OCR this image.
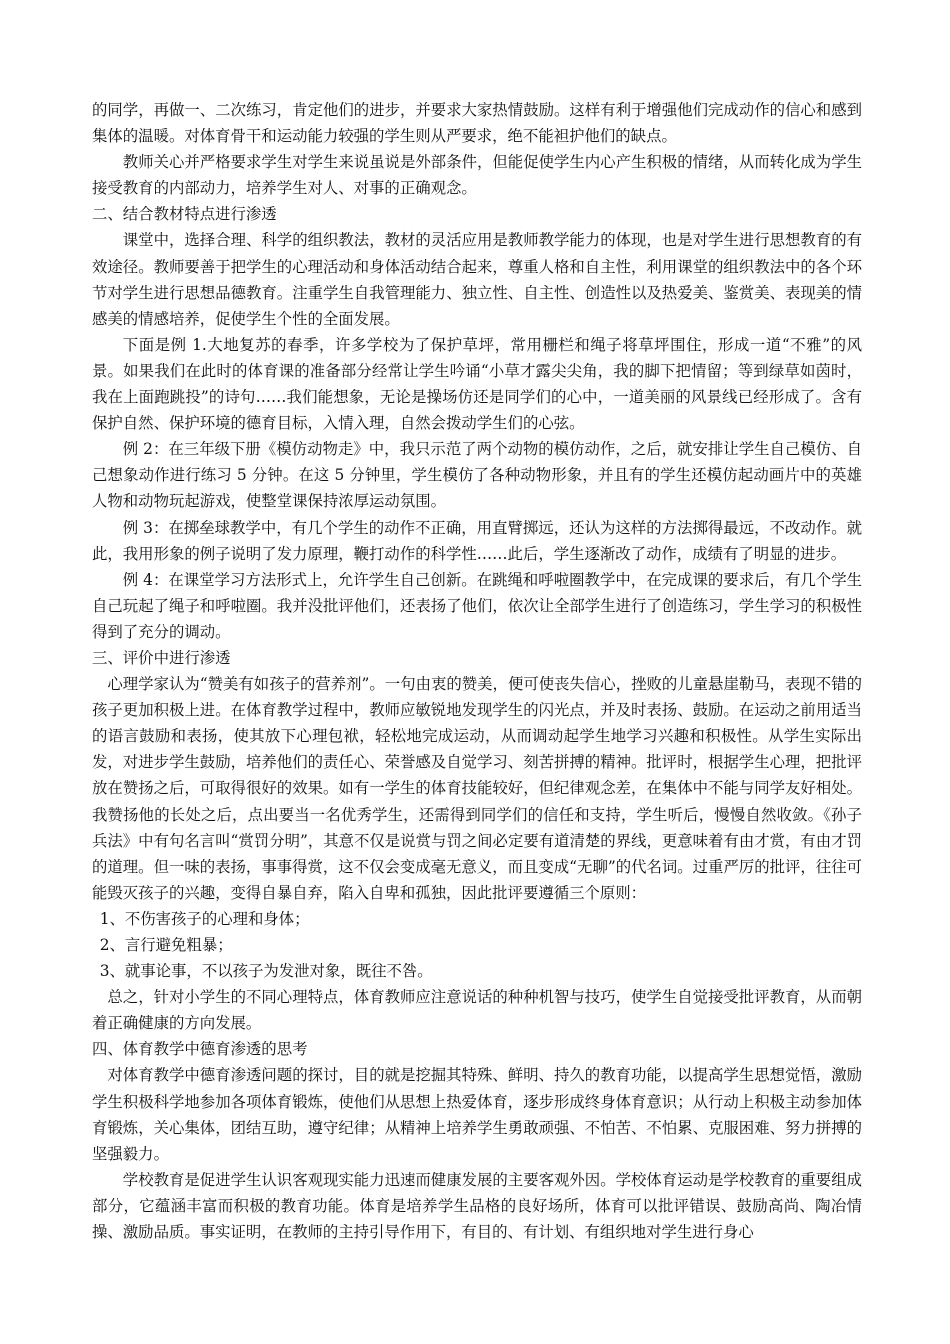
的同学，再做一、二次练习，肯定他们的进步，并要求大家热情鼓励。这样有利于增强他们完成动作的信心和感到集体的温暖。对体育骨干和运动能力较强的学生则从严要求，绝不能袒护他们的缺点。

教师关心并严格要求学生对学生来说虽说是外部条件，但能促使学生内心产生积极的情绪，从而转化成为学生接受教育的内部动力，培养学生对人、对事的正确观念。

二、结合教材特点进行渗透

课堂中，选择合理、科学的组织教法，教材的灵活应用是教师教学能力的体现，也是对学生进行思想教育的有效途径。教师要善于把学生的心理活动和身体活动结合起来，尊重人格和自主性，利用课堂的组织教法中的各个环节对学生进行思想品德教育。注重学生自我管理能力、独立性、自主性、创造性以及热爱美、鉴赏美、表现美的情感美的情感培养，促使学生个性的全面发展。

下面是例 1.大地复苏的春季，许多学校为了保护草坪，常用栅栏和绳子将草坪围住，形成一道“不雅”的风景。如果我们在此时的体育课的准备部分经常让学生吟诵“小草才露尖尖角，我的脚下把情留；等到绿草如茵时，我在上面跑跳投”的诗句……我们能想象，无论是操场仿还是同学们的心中，一道美丽的风景线已经形成了。含有保护自然、保护环境的德育目标，入情入理，自然会拨动学生们的心弦。

例 2：在三年级下册《模仿动物走》中，我只示范了两个动物的模仿动作，之后，就安排让学生自己模仿、自己想象动作进行练习 5 分钟。在这 5 分钟里，学生模仿了各种动物形象，并且有的学生还模仿起动画片中的英雄人物和动物玩起游戏，使整堂课保持浓厚运动氛围。

例 3：在掷垒球教学中，有几个学生的动作不正确，用直臂掷远，还认为这样的方法掷得最远，不改动作。就此，我用形象的例子说明了发力原理，鞭打动作的科学性……此后，学生逐渐改了动作，成绩有了明显的进步。

例 4：在课堂学习方法形式上，允许学生自己创新。在跳绳和呼啦圈教学中，在完成课的要求后，有几个学生自己玩起了绳子和呼啦圈。我并没批评他们，还表扬了他们，依次让全部学生进行了创造练习，学生学习的积极性得到了充分的调动。

三、评价中进行渗透

心理学家认为“赞美有如孩子的营养剂”。一句由衷的赞美，便可使丧失信心，挫败的儿童悬崖勒马，表现不错的孩子更加积极上进。在体育教学过程中，教师应敏锐地发现学生的闪光点，并及时表扬、鼓励。在运动之前用适当的语言鼓励和表扬，使其放下心理包袱，轻松地完成运动，从而调动起学生地学习兴趣和积极性。从学生实际出发，对进步学生鼓励，培养他们的责任心、荣誉感及自觉学习、刻苦拼搏的精神。批评时，根据学生心理，把批评放在赞扬之后，可取得很好的效果。如有一学生的体育技能较好，但纪律观念差，在集体中不能与同学友好相处。我赞扬他的长处之后，点出要当一名优秀学生，还需得到同学们的信任和支持，学生听后，慢慢自然收敛。《孙子兵法》中有句名言叫“赏罚分明”，其意不仅是说赏与罚之间必定要有道清楚的界线，更意味着有由才赏，有由才罚的道理。但一味的表扬，事事得赏，这不仅会变成毫无意义，而且变成“无聊”的代名词。过重严厉的批评，往往可能毁灭孩子的兴趣，变得自暴自弃，陷入自卑和孤独，因此批评要遵循三个原则：

1、不伤害孩子的心理和身体；

2、言行避免粗暴；

3、就事论事，不以孩子为发泄对象，既往不咎。

总之，针对小学生的不同心理特点，体育教师应注意说话的种种机智与技巧，使学生自觉接受批评教育，从而朝着正确健康的方向发展。

四、体育教学中德育渗透的思考

对体育教学中德育渗透问题的探讨，目的就是挖掘其特殊、鲜明、持久的教育功能，以提高学生思想觉悟，激励学生积极科学地参加各项体育锻炼，使他们从思想上热爱体育，逐步形成终身体育意识；从行动上积极主动参加体育锻炼，关心集体，团结互助，遵守纪律；从精神上培养学生勇敢顽强、不怕苦、不怕累、克服困难、努力拼搏的坚强毅力。

学校教育是促进学生认识客观现实能力迅速而健康发展的主要客观外因。学校体育运动是学校教育的重要组成部分，它蕴涵丰富而积极的教育功能。体育是培养学生品格的良好场所，体育可以批评错误、鼓励高尚、陶冶情操、激励品质。事实证明，在教师的主持引导作用下，有目的、有计划、有组织地对学生进行身心
